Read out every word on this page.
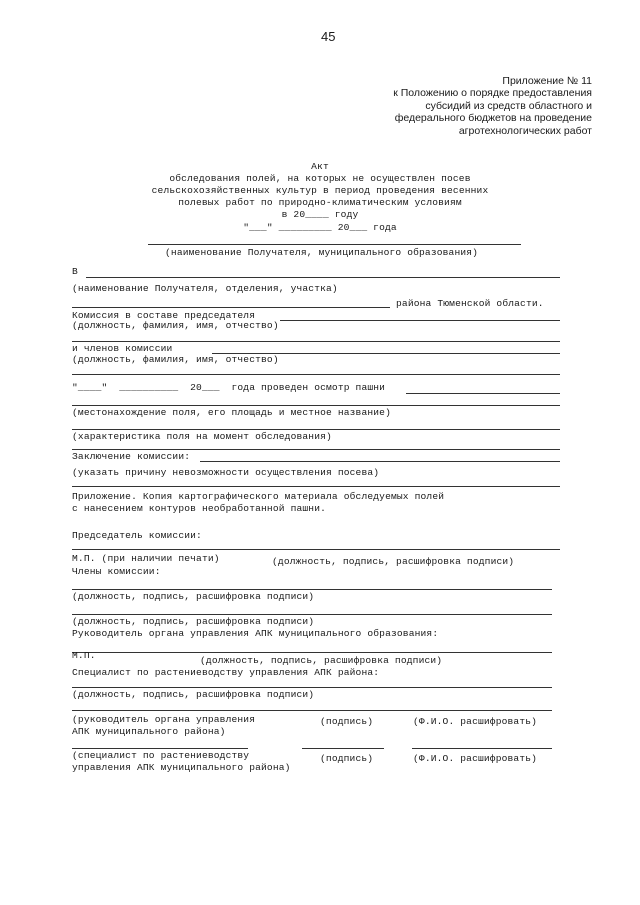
45
Приложение № 11
к Положению о порядке предоставления
субсидий из средств областного и
федерального бюджетов на проведение
агротехнологических работ
Акт
обследования полей, на которых не осуществлен посев
сельскохозяйственных культур в период проведения весенних
полевых работ по природно-климатическим условиям
в 20____ году
"___" _________ 20___ года
(наименование Получателя, муниципального образования)
В
(наименование Получателя, отделения, участка)
района Тюменской области.
Комиссия в составе председателя
(должность, фамилия, имя, отчество)
и членов комиссии
(должность, фамилия, имя, отчество)
"____"  __________  20___  года проведен осмотр пашни
(местонахождение поля, его площадь и местное название)
(характеристика поля на момент обследования)
Заключение комиссии:
(указать причину невозможности осуществления посева)
Приложение. Копия картографического материала обследуемых полей
с нанесением контуров необработанной пашни.
Председатель комиссии:
М.П. (при наличии печати)	(должность, подпись, расшифровка подписи)
Члены комиссии:
(должность, подпись, расшифровка подписи)
(должность, подпись, расшифровка подписи)
Руководитель органа управления АПК муниципального образования:
М.П.	(должность, подпись, расшифровка подписи)
Специалист по растениеводству управления АПК района:
(должность, подпись, расшифровка подписи)
(руководитель органа управления
АПК муниципального района)
(подпись)	(Ф.И.О. расшифровать)
(специалист по растениеводству
управления АПК муниципального района)
(подпись)	(Ф.И.О. расшифровать)
